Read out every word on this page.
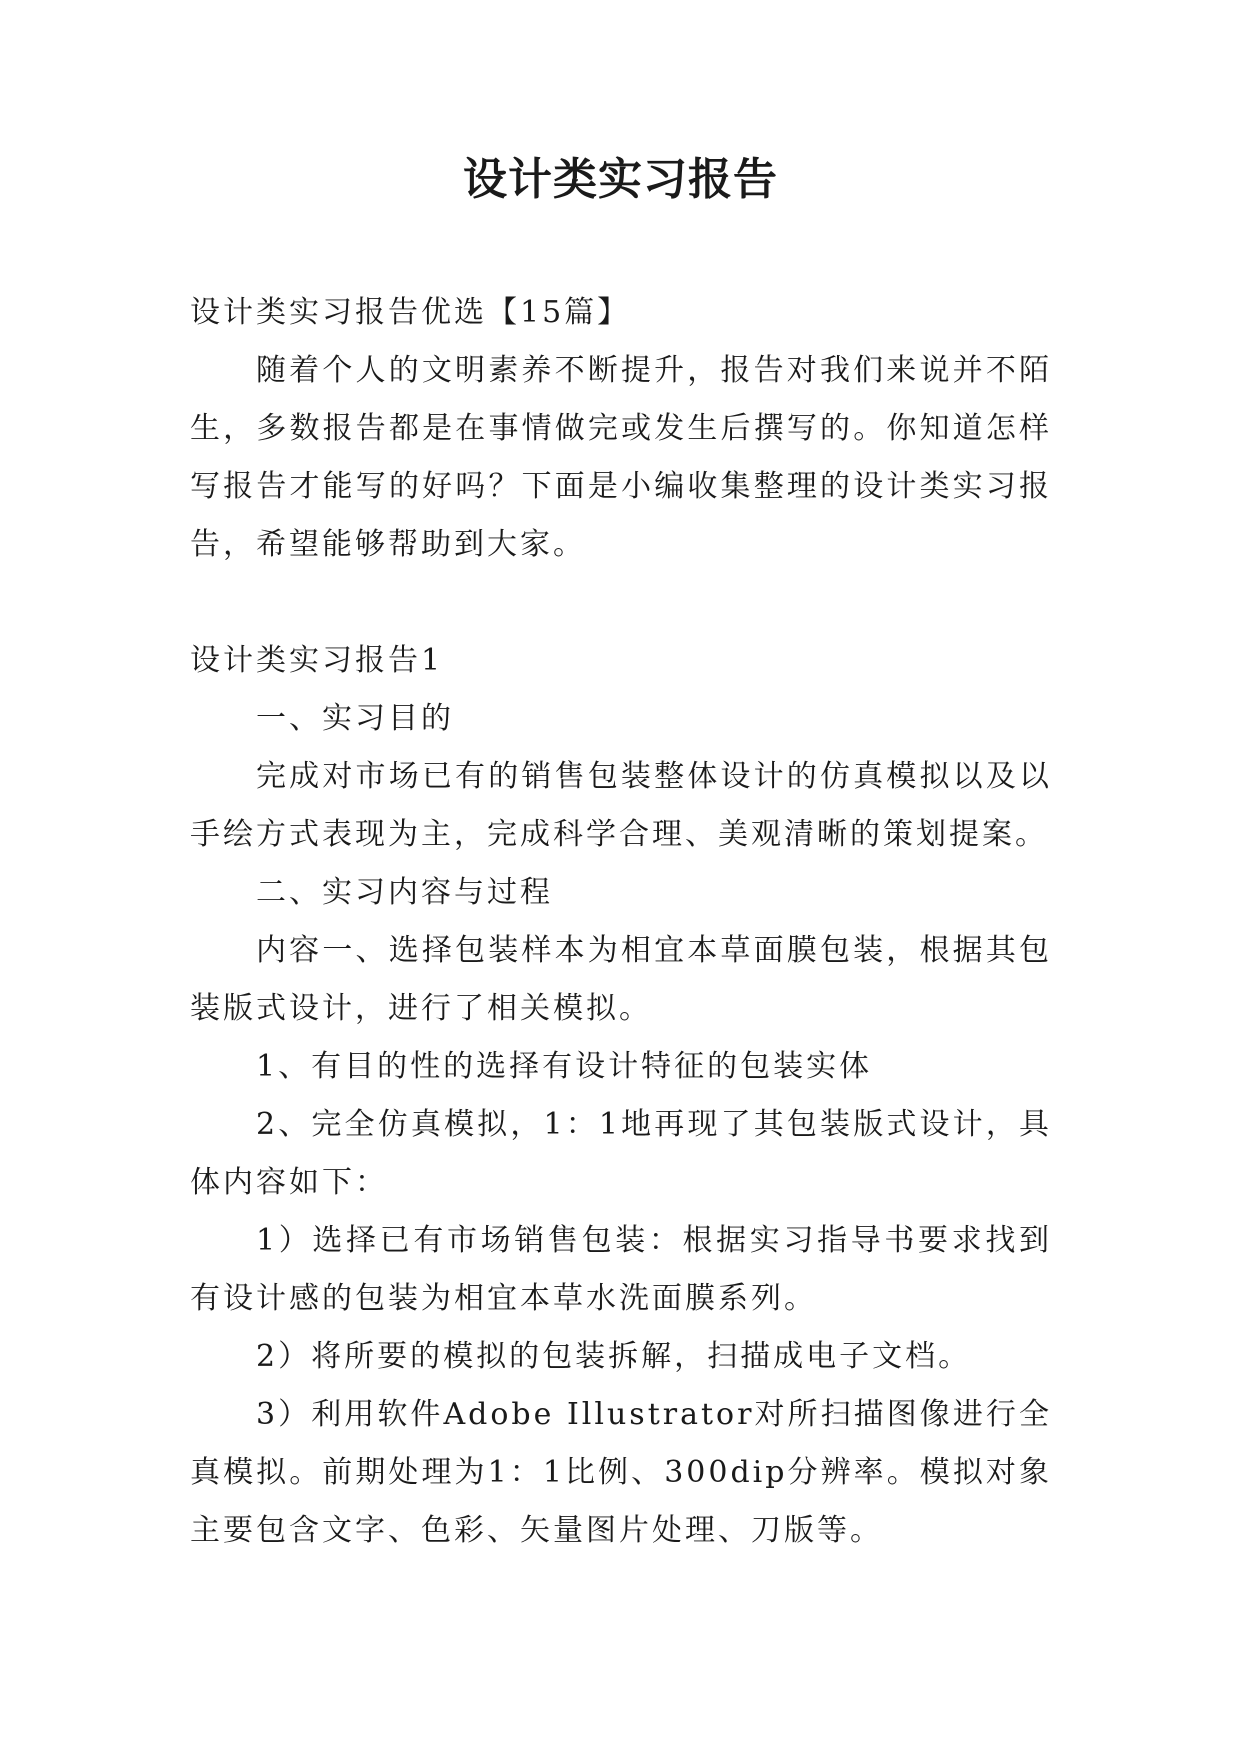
设计类实习报告

设计类实习报告优选【15篇】

随着个人的文明素养不断提升，报告对我们来说并不陌生，多数报告都是在事情做完或发生后撰写的。你知道怎样写报告才能写的好吗？下面是小编收集整理的设计类实习报告，希望能够帮助到大家。

设计类实习报告1

一、实习目的

完成对市场已有的销售包装整体设计的仿真模拟以及以手绘方式表现为主，完成科学合理、美观清晰的策划提案。

二、实习内容与过程

内容一、选择包装样本为相宜本草面膜包装，根据其包装版式设计，进行了相关模拟。

1、有目的性的选择有设计特征的包装实体

2、完全仿真模拟，1：1地再现了其包装版式设计，具体内容如下：

1）选择已有市场销售包装：根据实习指导书要求找到有设计感的包装为相宜本草水洗面膜系列。

2）将所要的模拟的包装拆解，扫描成电子文档。

3）利用软件Adobe Illustrator对所扫描图像进行全真模拟。前期处理为1：1比例、300dip分辨率。模拟对象主要包含文字、色彩、矢量图片处理、刀版等。
